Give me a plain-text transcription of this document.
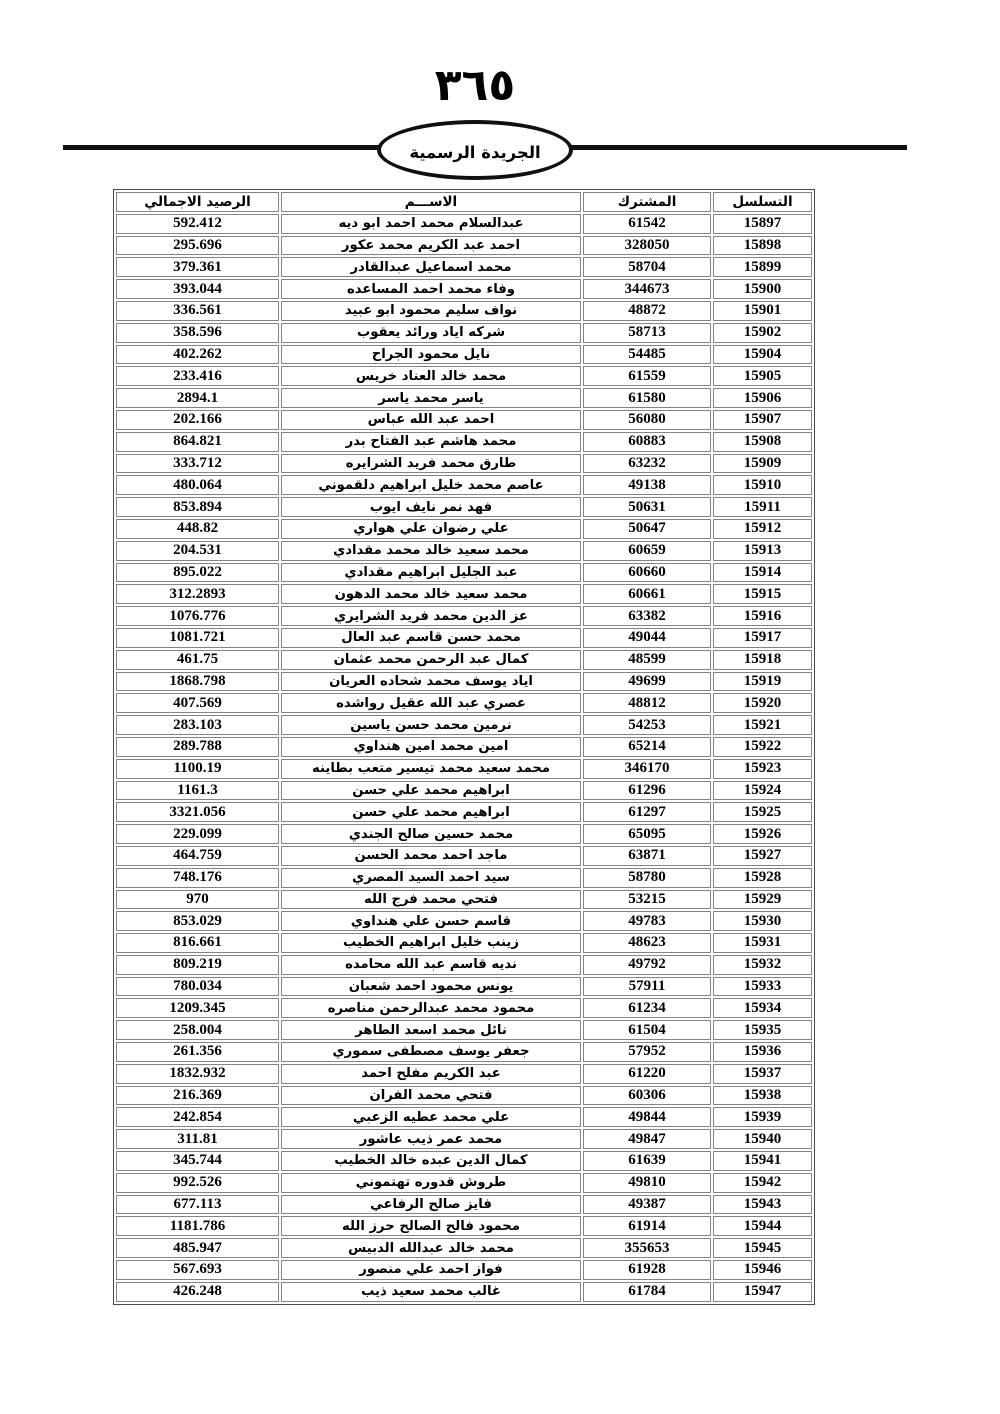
٣٦٥
الجريدة الرسمية
التسلسل	المشترك	الاســـم	الرصيد الاجمالي
15897	61542	عبدالسلام محمد احمد ابو ديه	592.412
15898	328050	احمد عبد الكريم محمد عكور	295.696
15899	58704	محمد اسماعيل عبدالقادر	379.361
15900	344673	وفاء محمد احمد المساعده	393.044
15901	48872	نواف سليم محمود ابو عبيد	336.561
15902	58713	شركه اياد ورائد يعقوب	358.596
15904	54485	نايل محمود الجراح	402.262
15905	61559	محمد خالد العناد خريس	233.416
15906	61580	ياسر محمد ياسر	2894.1
15907	56080	احمد عبد الله عباس	202.166
15908	60883	محمد هاشم عبد الفتاح بدر	864.821
15909	63232	طارق محمد فريد الشرايره	333.712
15910	49138	عاصم محمد خليل ابراهيم دلقموني	480.064
15911	50631	فهد نمر نايف ايوب	853.894
15912	50647	علي رضوان علي هواري	448.82
15913	60659	محمد سعيد خالد محمد مقدادي	204.531
15914	60660	عبد الجليل ابراهيم مقدادي	895.022
15915	60661	محمد سعيد خالد محمد الدهون	312.2893
15916	63382	عز الدين محمد فريد الشرايري	1076.776
15917	49044	محمد حسن قاسم عبد العال	1081.721
15918	48599	كمال عبد الرحمن محمد عثمان	461.75
15919	49699	اياد يوسف محمد شحاده العريان	1868.798
15920	48812	عصري عبد الله عقيل رواشده	407.569
15921	54253	نرمين محمد حسن ياسين	283.103
15922	65214	امين محمد امين هنداوي	289.788
15923	346170	محمد سعيد محمد تيسير متعب بطاينه	1100.19
15924	61296	ابراهيم محمد علي حسن	1161.3
15925	61297	ابراهيم محمد علي حسن	3321.056
15926	65095	محمد حسين صالح الجندي	229.099
15927	63871	ماجد احمد محمد الحسن	464.759
15928	58780	سيد احمد السيد المصري	748.176
15929	53215	فتحي محمد فرج الله	970
15930	49783	قاسم حسن علي هنداوي	853.029
15931	48623	زينب خليل ابراهيم الخطيب	816.661
15932	49792	نديه قاسم عبد الله محامده	809.219
15933	57911	يونس محمود احمد شعبان	780.034
15934	61234	محمود محمد عبدالرحمن مناصره	1209.345
15935	61504	نائل محمد اسعد الطاهر	258.004
15936	57952	جعفر يوسف مصطفى سموري	261.356
15937	61220	عبد الكريم مفلح احمد	1832.932
15938	60306	فتحي محمد الفران	216.369
15939	49844	علي محمد عطيه الزعبي	242.854
15940	49847	محمد عمر ذيب عاشور	311.81
15941	61639	كمال الدين عبده خالد الخطيب	345.744
15942	49810	طروش قدوره تهتموني	992.526
15943	49387	فايز صالح الرفاعي	677.113
15944	61914	محمود فالح الصالح حرز الله	1181.786
15945	355653	محمد خالد عبدالله الدبيس	485.947
15946	61928	فواز احمد علي منصور	567.693
15947	61784	غالب محمد سعيد ذيب	426.248
